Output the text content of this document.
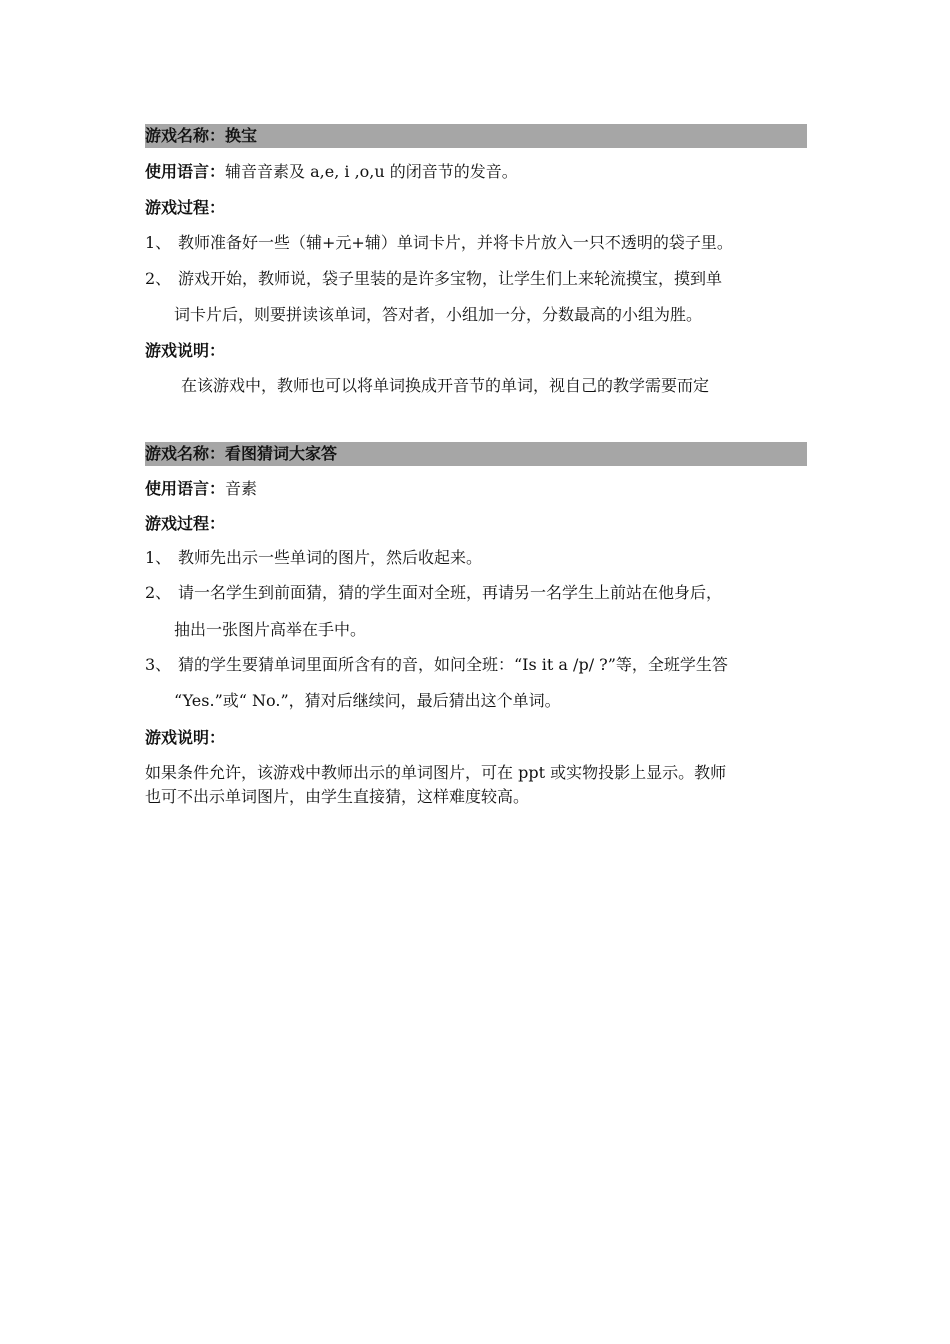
游戏名称：换宝
使用语言：辅音音素及 a,e, i ,o,u 的闭音节的发音。
游戏过程：
1、 教师准备好一些（辅+元+辅）单词卡片，并将卡片放入一只不透明的袋子里。
2、 游戏开始，教师说，袋子里装的是许多宝物，让学生们上来轮流摸宝，摸到单
词卡片后，则要拼读该单词，答对者，小组加一分，分数最高的小组为胜。
游戏说明：
在该游戏中，教师也可以将单词换成开音节的单词，视自己的教学需要而定
游戏名称：看图猜词大家答
使用语言：音素
游戏过程：
1、 教师先出示一些单词的图片，然后收起来。
2、 请一名学生到前面猜，猜的学生面对全班，再请另一名学生上前站在他身后，
抽出一张图片高举在手中。
3、 猜的学生要猜单词里面所含有的音，如问全班：“Is it a /p/ ?”等，全班学生答
“Yes.”或“ No.”，猜对后继续问，最后猜出这个单词。
游戏说明：
如果条件允许，该游戏中教师出示的单词图片，可在 ppt 或实物投影上显示。教师
也可不出示单词图片，由学生直接猜，这样难度较高。
